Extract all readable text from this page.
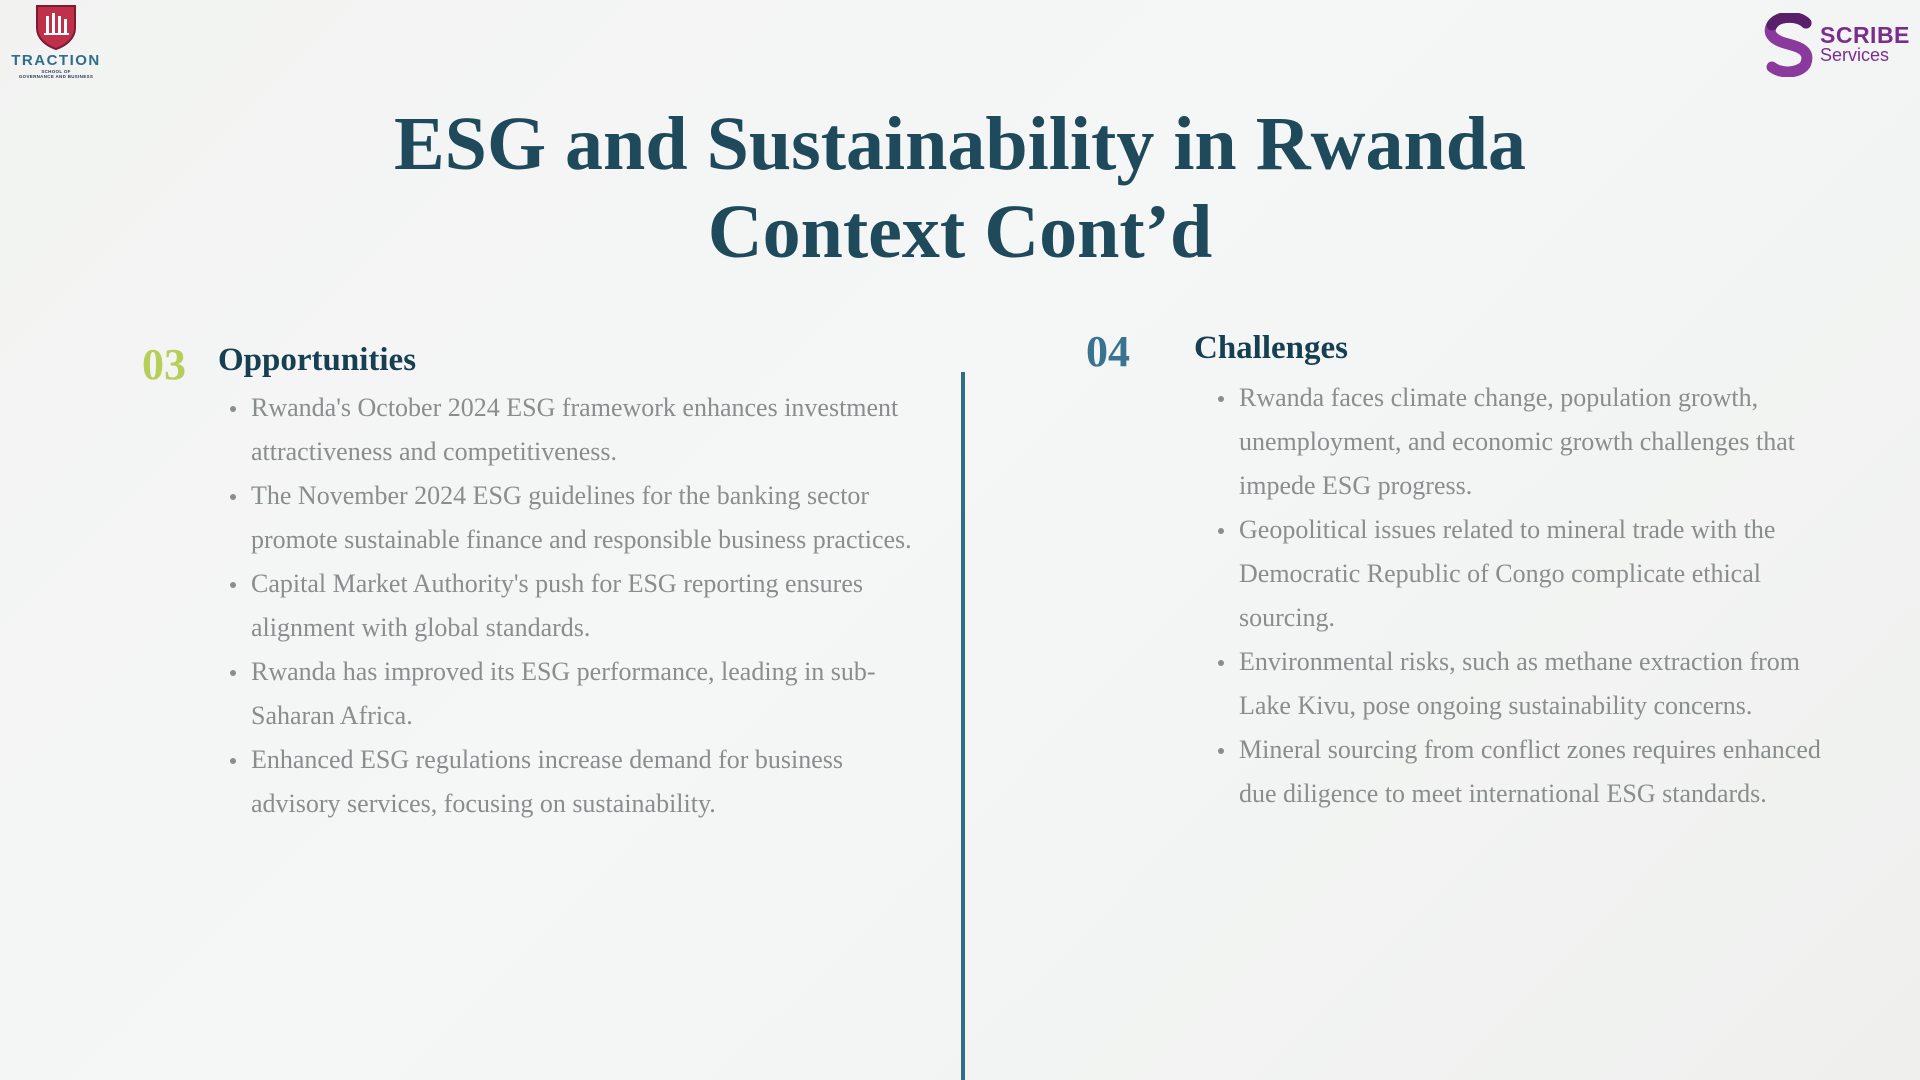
TRACTION
SCHOOL OF
GOVERNANCE AND BUSINESS
SCRIBE
Services
ESG and Sustainability in Rwanda
Context Cont’d
03 Opportunities
Rwanda's October 2024 ESG framework enhances investment attractiveness and competitiveness.
The November 2024 ESG guidelines for the banking sector promote sustainable finance and responsible business practices.
Capital Market Authority's push for ESG reporting ensures alignment with global standards.
Rwanda has improved its ESG performance, leading in sub-Saharan Africa.
Enhanced ESG regulations increase demand for business advisory services, focusing on sustainability.
04 Challenges
Rwanda faces climate change, population growth, unemployment, and economic growth challenges that impede ESG progress.
Geopolitical issues related to mineral trade with the Democratic Republic of Congo complicate ethical sourcing.
Environmental risks, such as methane extraction from Lake Kivu, pose ongoing sustainability concerns.
Mineral sourcing from conflict zones requires enhanced due diligence to meet international ESG standards.
